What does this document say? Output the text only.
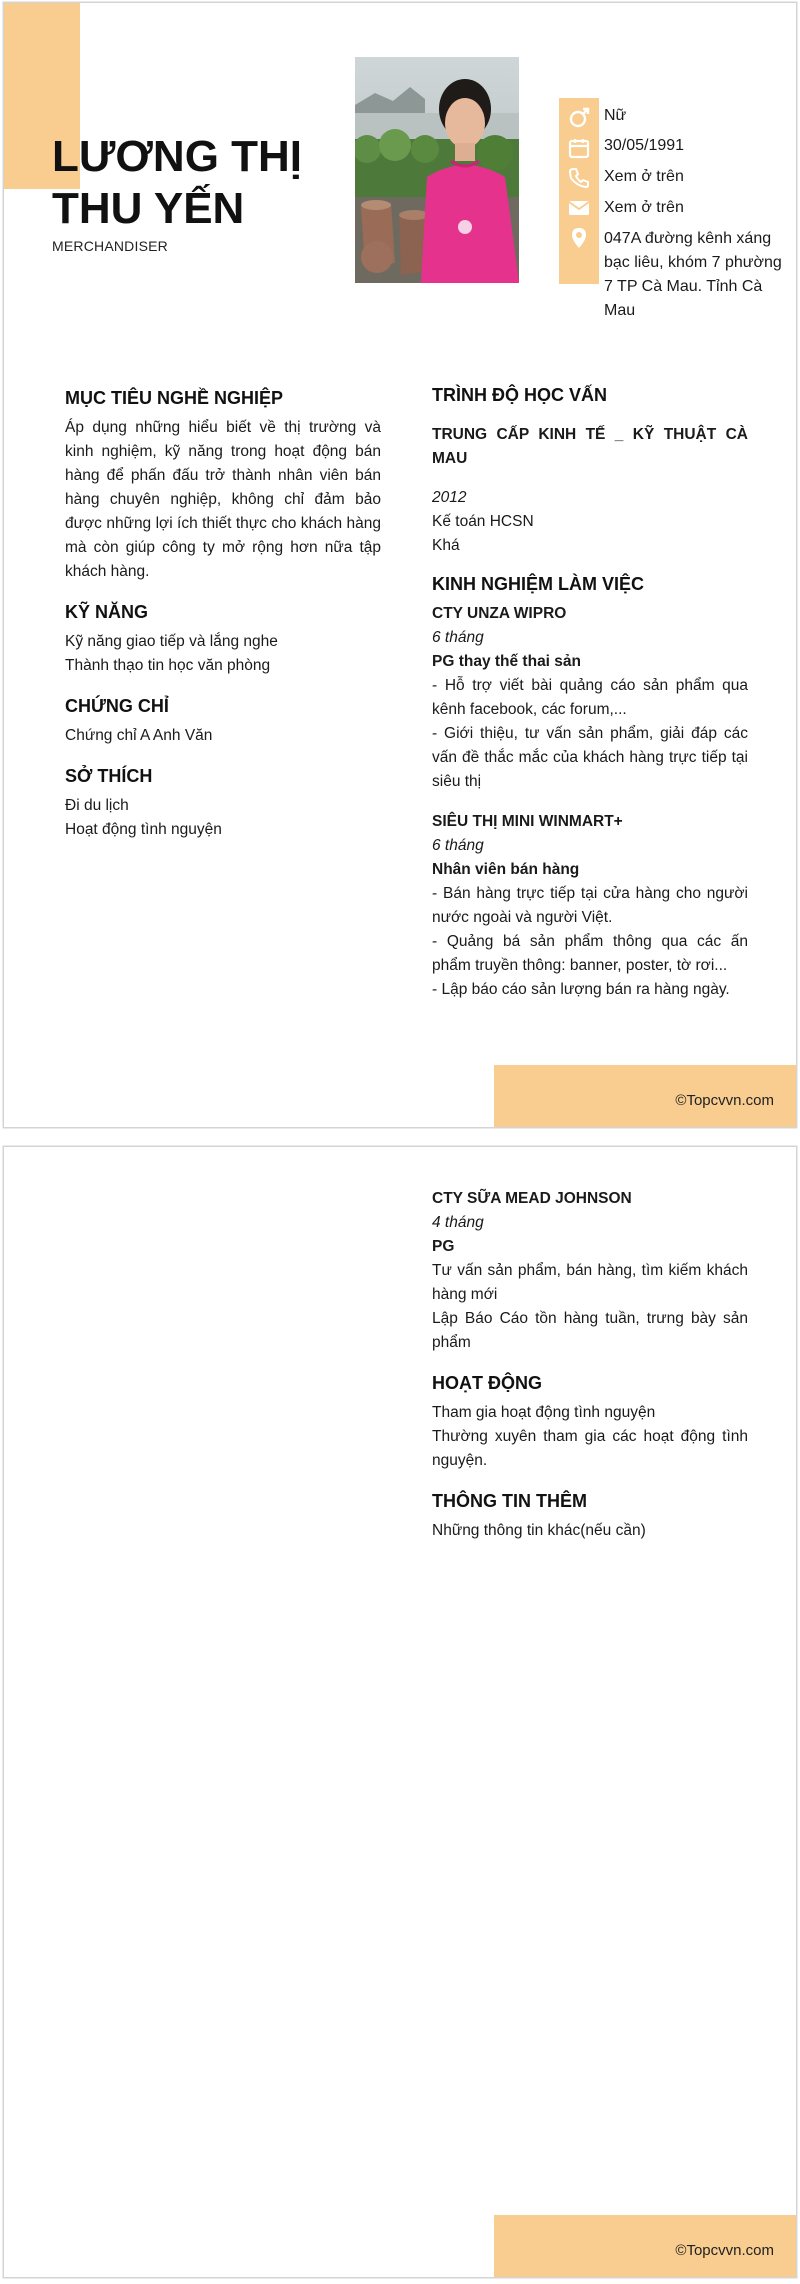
LƯƠNG THỊ
THU YẾN
MERCHANDISER
Nữ
30/05/1991
Xem ở trên
Xem ở trên
047A đường kênh xáng bạc liêu, khóm 7 phường 7 TP Cà Mau. Tỉnh Cà Mau
MỤC TIÊU NGHỀ NGHIỆP

Áp dụng những hiểu biết về thị trường và kinh nghiệm, kỹ năng trong hoạt động bán hàng để phấn đấu trở thành nhân viên bán hàng chuyên nghiệp, không chỉ đảm bảo được những lợi ích thiết thực cho khách hàng mà còn giúp công ty mở rộng hơn nữa tập khách hàng.

KỸ NĂNG

Kỹ năng giao tiếp và lắng nghe

Thành thạo tin học văn phòng

CHỨNG CHỈ

Chứng chỉ A Anh Văn

SỞ THÍCH

Đi du lịch

Hoạt động tình nguyện

TRÌNH ĐỘ HỌC VẤN

TRUNG CẤP KINH TẾ _ KỸ THUẬT CÀ MAU

2012

Kế toán HCSN

Khá

KINH NGHIỆM LÀM VIỆC

CTY UNZA WIPRO

6 tháng

PG thay thế thai sản

- Hỗ trợ viết bài quảng cáo sản phẩm qua kênh facebook, các forum,...

- Giới thiệu, tư vấn sản phẩm, giải đáp các vấn đề thắc mắc của khách hàng trực tiếp tại siêu thị

SIÊU THỊ MINI WINMART+

6 tháng

Nhân viên bán hàng

- Bán hàng trực tiếp tại cửa hàng cho người nước ngoài và người Việt.

- Quảng bá sản phẩm thông qua các ấn phẩm truyền thông: banner, poster, tờ rơi...

- Lập báo cáo sản lượng bán ra hàng ngày.

©Topcvvn.com

CTY SỮA MEAD JOHNSON

4 tháng

PG

Tư vấn sản phẩm, bán hàng, tìm kiếm khách hàng mới

Lập Báo Cáo tồn hàng tuần, trưng bày sản phẩm

HOẠT ĐỘNG

Tham gia hoạt động tình nguyện

Thường xuyên tham gia các hoạt động tình nguyện.

THÔNG TIN THÊM

Những thông tin khác(nếu cần)

©Topcvvn.com
